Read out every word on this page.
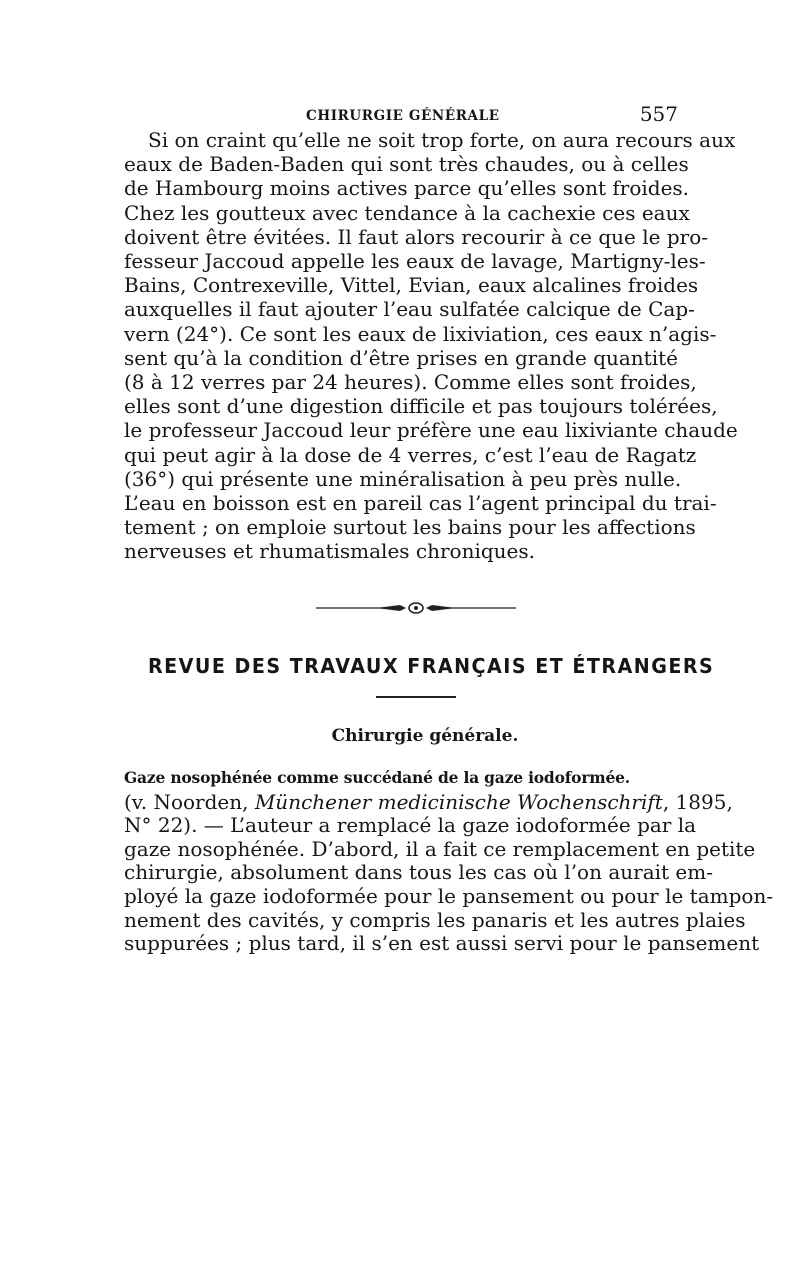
CHIRURGIE GÉNÉRALE	557

Si on craint qu’elle ne soit trop forte, on aura recours aux
eaux de Baden-Baden qui sont très chaudes, ou à celles
de Hambourg moins actives parce qu’elles sont froides.
Chez les goutteux avec tendance à la cachexie ces eaux
doivent être évitées. Il faut alors recourir à ce que le pro-
fesseur Jaccoud appelle les eaux de lavage, Martigny-les-
Bains, Contrexeville, Vittel, Evian, eaux alcalines froides
auxquelles il faut ajouter l’eau sulfatée calcique de Cap-
vern (24°). Ce sont les eaux de lixiviation, ces eaux n’agis-
sent qu’à la condition d’être prises en grande quantité
(8 à 12 verres par 24 heures). Comme elles sont froides,
elles sont d’une digestion difficile et pas toujours tolérées,
le professeur Jaccoud leur préfère une eau lixiviante chaude
qui peut agir à la dose de 4 verres, c’est l’eau de Ragatz
(36°) qui présente une minéralisation à peu près nulle.
L’eau en boisson est en pareil cas l’agent principal du trai-
tement ; on emploie surtout les bains pour les affections
nerveuses et rhumatismales chroniques.

REVUE DES TRAVAUX FRANÇAIS ET ÉTRANGERS
Chirurgie générale.
Gaze nosophénée comme succédané de la gaze iodoformée.

(v. Noorden, Münchener medicinische Wochenschrift, 1895,
N° 22). — L’auteur a remplacé la gaze iodoformée par la
gaze nosophénée. D’abord, il a fait ce remplacement en petite
chirurgie, absolument dans tous les cas où l’on aurait em-
ployé la gaze iodoformée pour le pansement ou pour le tampon-
nement des cavités, y compris les panaris et les autres plaies
suppurées ; plus tard, il s’en est aussi servi pour le pansement
